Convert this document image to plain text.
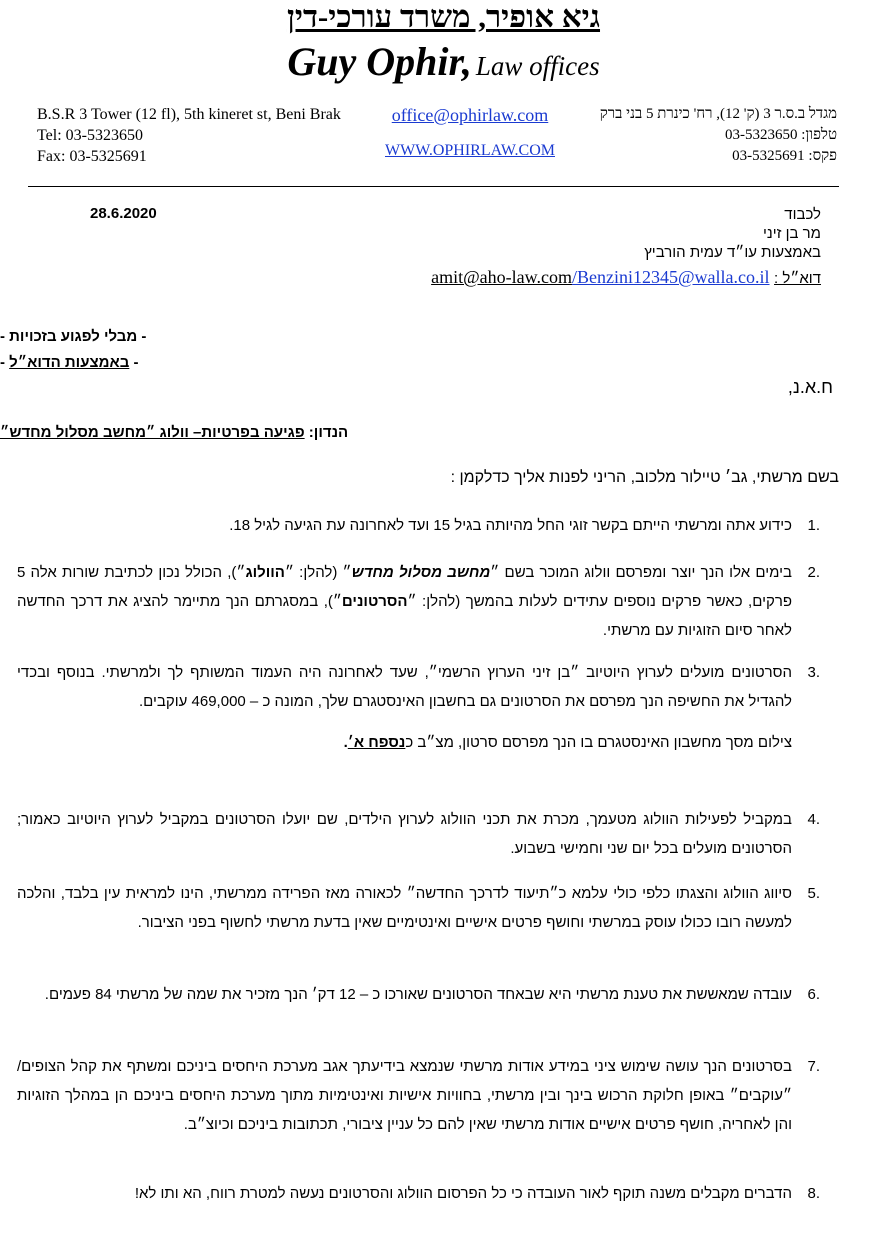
גיא אופיר, משרד עורכי-דין
Guy Ophir, Law offices
B.S.R 3 Tower (12 fl), 5th kineret st, Beni Brak
Tel: 03-5323650
Fax: 03-5325691
office@ophirlaw.com
WWW.OPHIRLAW.COM
מגדל ב.ס.ר 3 (ק' 12), רח' כינרת 5 בני ברק
טלפון: 03-5323650
פקס: 03-5325691
28.6.2020	לכבוד
מר בן זיני
באמצעות עו״ד עמית הורביץ
דוא״ל : Benzini12345@walla.co.il/amit@aho-law.com
- מבלי לפגוע בזכויות -
- באמצעות הדוא״ל -
ח.א.נ,
הנדון: פגיעה בפרטיות– וולוג ״מחשב מסלול מחדש״
בשם מרשתי, גב׳ טיילור מלכוב, הריני לפנות אליך כדלקמן :
1.
כידוע אתה ומרשתי הייתם בקשר זוגי החל מהיותה בגיל 15 ועד לאחרונה עת הגיעה לגיל 18.
2.
בימים אלו הנך יוצר ומפרסם וולוג המוכר בשם ״מחשב מסלול מחדש״ (להלן: ״הוולוג״), הכולל נכון לכתיבת שורות אלה 5 פרקים, כאשר פרקים נוספים עתידים לעלות בהמשך (להלן: ״הסרטונים״), במסגרתם הנך מתיימר להציג את דרכך החדשה לאחר סיום הזוגיות עם מרשתי.
3.
הסרטונים מועלים לערוץ היוטיוב ״בן זיני הערוץ הרשמי״, שעד לאחרונה היה העמוד המשותף לך ולמרשתי. בנוסף ובכדי להגדיל את החשיפה הנך מפרסם את הסרטונים גם בחשבון האינסטגרם שלך, המונה כ – 469,000 עוקבים.
צילום מסך מחשבון האינסטגרם בו הנך מפרסם סרטון, מצ״ב כנספח א׳.
4.
במקביל לפעילות הוולוג מטעמך, מכרת את תכני הוולוג לערוץ הילדים, שם יועלו הסרטונים במקביל לערוץ היוטיוב כאמור; הסרטונים מועלים בכל יום שני וחמישי בשבוע.
5.
סיווג הוולוג והצגתו כלפי כולי עלמא כ״תיעוד לדרכך החדשה״ לכאורה מאז הפרידה ממרשתי, הינו למראית עין בלבד, והלכה למעשה רובו ככולו עוסק במרשתי וחושף פרטים אישיים ואינטימיים שאין בדעת מרשתי לחשוף בפני הציבור.
6.
עובדה שמאששת את טענת מרשתי היא שבאחד הסרטונים שאורכו כ – 12 דק׳ הנך מזכיר את שמה של מרשתי 84 פעמים.
7.
בסרטונים הנך עושה שימוש ציני במידע אודות מרשתי שנמצא בידיעתך אגב מערכת היחסים ביניכם ומשתף את קהל הצופים/״עוקבים״ באופן חלוקת הרכוש בינך ובין מרשתי, בחוויות אישיות ואינטימיות מתוך מערכת היחסים ביניכם הן במהלך הזוגיות והן לאחריה, חושף פרטים אישיים אודות מרשתי שאין להם כל עניין ציבורי, תכתובות ביניכם וכיוצ״ב.
8.
הדברים מקבלים משנה תוקף לאור העובדה כי כל הפרסום הוולוג והסרטונים נעשה למטרת רווח, הא ותו לא!
